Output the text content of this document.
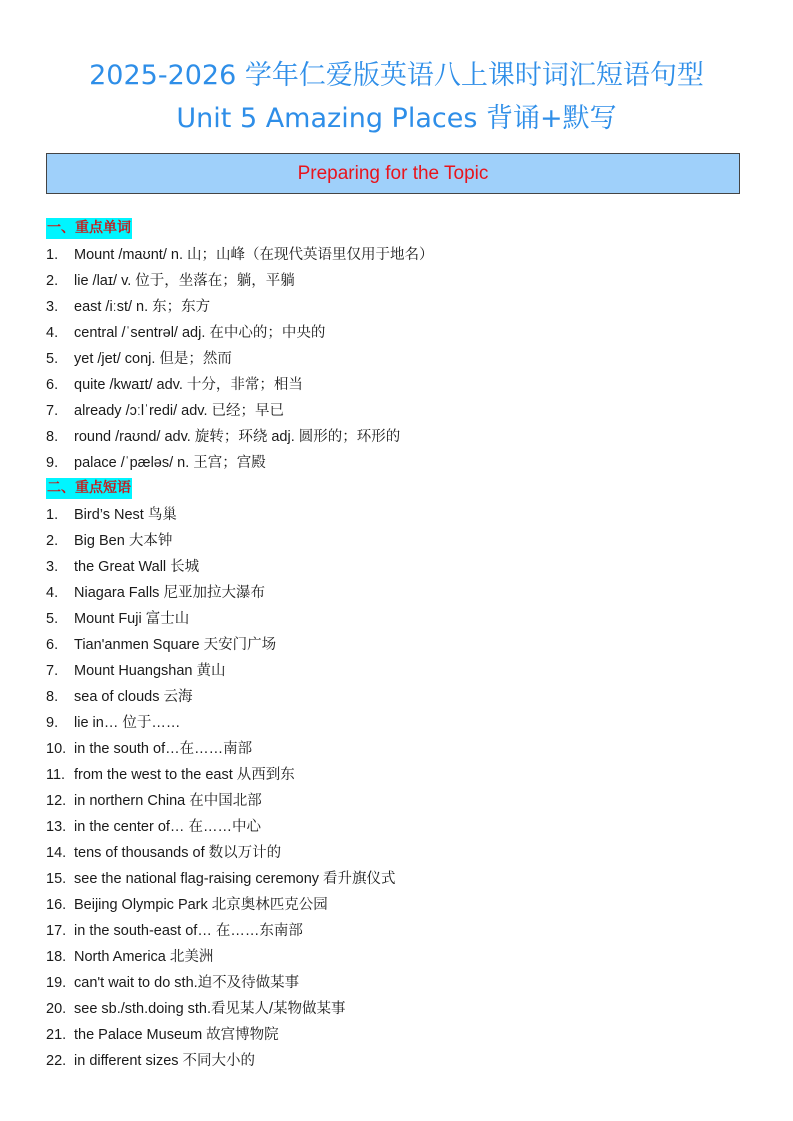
2025-2026 学年仁爱版英语八上课时词汇短语句型
Unit 5 Amazing Places 背诵+默写
Preparing for the Topic
一、重点单词
1. Mount /maʊnt/ n. 山；山峰（在现代英语里仅用于地名）
2. lie /laɪ/ v. 位于，坐落在；躺，平躺
3. east /iːst/ n. 东；东方
4. central /ˈsentrəl/ adj. 在中心的；中央的
5. yet /jet/ conj. 但是；然而
6. quite /kwaɪt/ adv. 十分，非常；相当
7. already /ɔːlˈredi/ adv. 已经；早已
8. round /raʊnd/ adv. 旋转；环绕 adj. 圆形的；环形的
9. palace /ˈpæləs/ n. 王宫；宫殿
二、重点短语
1. Bird’s Nest 鸟巢
2. Big Ben 大本钟
3. the Great Wall 长城
4. Niagara Falls 尼亚加拉大瀑布
5. Mount Fuji 富士山
6. Tian'anmen Square 天安门广场
7. Mount Huangshan 黄山
8. sea of clouds 云海
9. lie in… 位于……
10. in the south of…在……南部
11. from the west to the east 从西到东
12. in northern China 在中国北部
13. in the center of… 在……中心
14. tens of thousands of 数以万计的
15. see the national flag-raising ceremony 看升旗仪式
16. Beijing Olympic Park 北京奥林匹克公园
17. in the south-east of… 在……东南部
18. North America 北美洲
19. can't wait to do sth.迫不及待做某事
20. see sb./sth.doing sth.看见某人/某物做某事
21. the Palace Museum 故宫博物院
22. in different sizes 不同大小的
